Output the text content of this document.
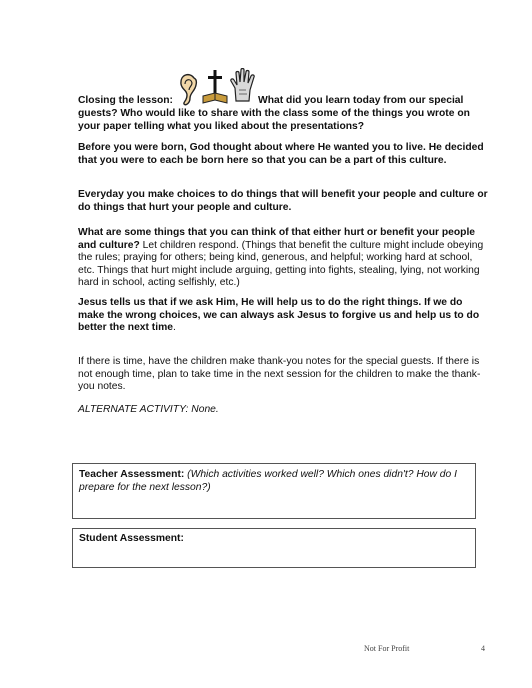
Closing the lesson:	What did you learn today from our special
guests? Who would like to share with the class some of the things you wrote on your paper telling what you liked about the presentations?
Before you were born, God thought about where He wanted you to live. He decided that you were to each be born here so that you can be a part of this culture.
Everyday you make choices to do things that will benefit your people and culture or do things that hurt your people and culture.
What are some things that you can think of that either hurt or benefit your people and culture? Let children respond. (Things that benefit the culture might include obeying the rules; praying for others; being kind, generous, and helpful; working hard at school, etc. Things that hurt might include arguing, getting into fights, stealing, lying, not working hard in school, acting selfishly, etc.)
Jesus tells us that if we ask Him, He will help us to do the right things. If we do make the wrong choices, we can always ask Jesus to forgive us and help us to do better the next time.
If there is time, have the children make thank-you notes for the special guests. If there is not enough time, plan to take time in the next session for the children to make the thank-you notes.
ALTERNATE ACTIVITY: None.
Teacher Assessment: (Which activities worked well? Which ones didn't? How do I prepare for the next lesson?)
Student Assessment:
Not For Profit	4
